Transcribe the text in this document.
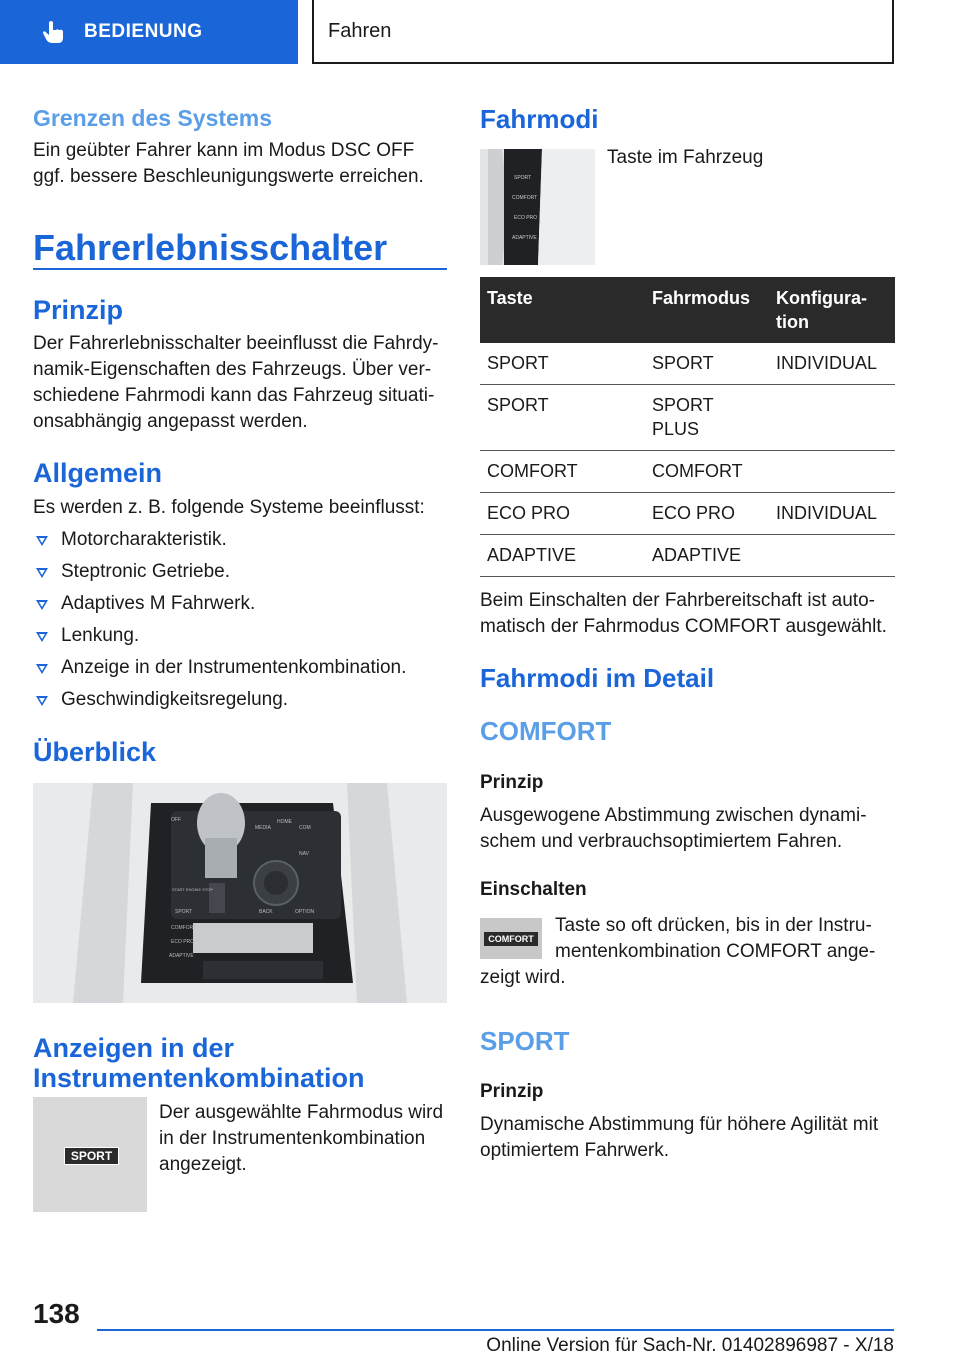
BEDIENUNG	Fahren
Grenzen des Systems
Ein geübter Fahrer kann im Modus DSC OFF ggf. bessere Beschleunigungswerte erreichen.
Fahrerlebnisschalter
Prinzip
Der Fahrerlebnisschalter beeinflusst die Fahrdy-namik-Eigenschaften des Fahrzeugs. Über ver-schiedene Fahrmodi kann das Fahrzeug situati-onsabhängig angepasst werden.
Allgemein
Es werden z. B. folgende Systeme beeinflusst:
Motorcharakteristik.
Steptronic Getriebe.
Adaptives M Fahrwerk.
Lenkung.
Anzeige in der Instrumentenkombination.
Geschwindigkeitsregelung.
Überblick
MEDIA
HOME
COM
NAV
BACK	OPTION
OFF
START ENGINE STOP
SPORT
COMFORT
ECO PRO
ADAPTIVE
Anzeigen in der
Instrumentenkombination
SPORT
Der ausgewählte Fahrmodus wird in der Instrumentenkombination angezeigt.
Fahrmodi
SPORT
COMFORT
ECO PRO
ADAPTIVE
Taste im Fahrzeug
Taste	Fahrmodus	Konfigura-tion
SPORT	SPORT	INDIVIDUAL
SPORT	SPORT PLUS	
COMFORT	COMFORT	
ECO PRO	ECO PRO	INDIVIDUAL
ADAPTIVE	ADAPTIVE	
Beim Einschalten der Fahrbereitschaft ist auto-matisch der Fahrmodus COMFORT ausgewählt.
Fahrmodi im Detail
COMFORT
Prinzip
Ausgewogene Abstimmung zwischen dynami-schem und verbrauchsoptimiertem Fahren.
Einschalten
COMFORT
Taste so oft drücken, bis in der Instru-
mentenkombination COMFORT ange-
zeigt wird.
SPORT
Prinzip
Dynamische Abstimmung für höhere Agilität mit optimiertem Fahrwerk.
138
Online Version für Sach-Nr. 01402896987 - X/18
